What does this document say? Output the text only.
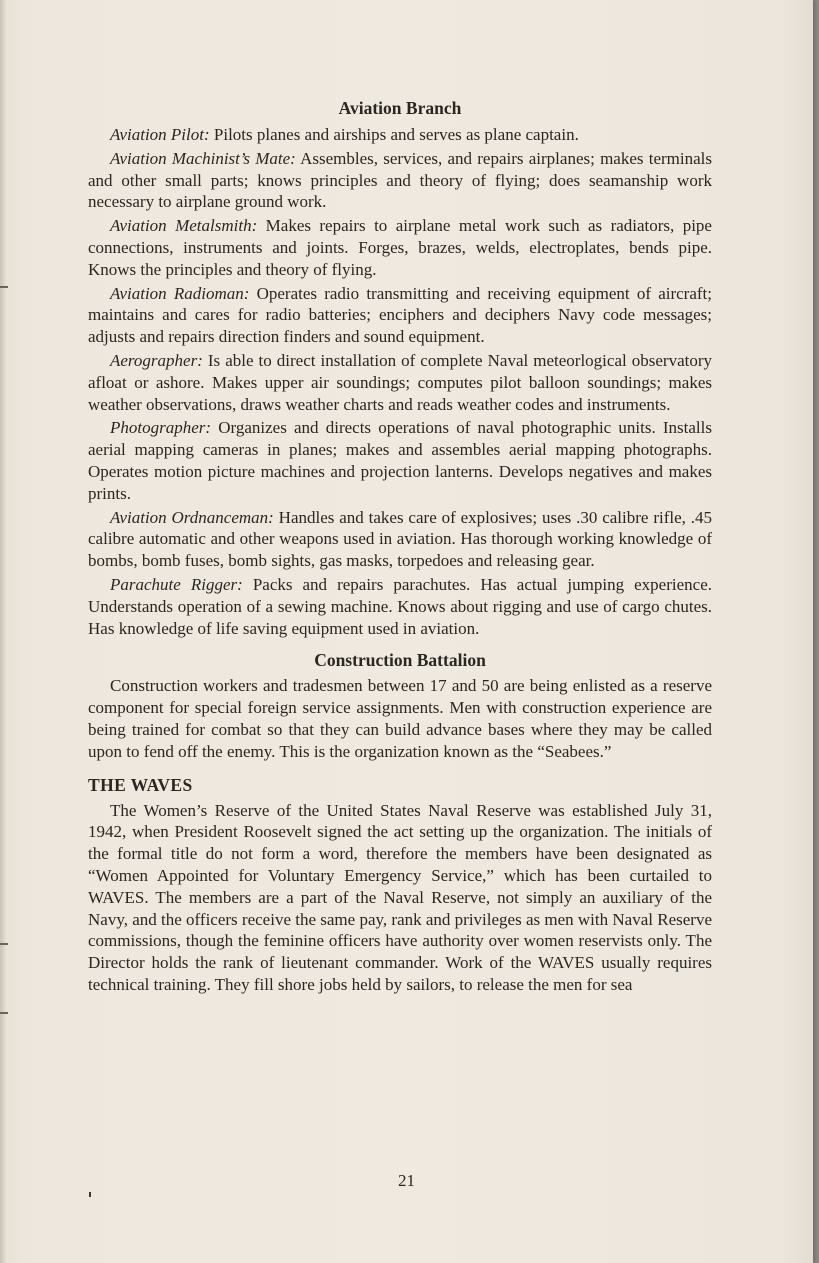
Aviation Branch

Aviation Pilot: Pilots planes and airships and serves as plane captain.

Aviation Machinist’s Mate: Assembles, services, and repairs airplanes; makes terminals and other small parts; knows principles and theory of flying; does seamanship work necessary to airplane ground work.

Aviation Metalsmith: Makes repairs to airplane metal work such as radiators, pipe connections, instruments and joints. Forges, brazes, welds, electroplates, bends pipe. Knows the principles and theory of flying.

Aviation Radioman: Operates radio transmitting and receiving equipment of aircraft; maintains and cares for radio batteries; enciphers and deciphers Navy code messages; adjusts and repairs direction finders and sound equipment.

Aerographer: Is able to direct installation of complete Naval meteorlogical observatory afloat or ashore. Makes upper air soundings; computes pilot balloon soundings; makes weather observations, draws weather charts and reads weather codes and instruments.

Photographer: Organizes and directs operations of naval photographic units. Installs aerial mapping cameras in planes; makes and assembles aerial mapping photographs. Operates motion picture machines and projection lanterns. Develops negatives and makes prints.

Aviation Ordnanceman: Handles and takes care of explosives; uses .30 calibre rifle, .45 calibre automatic and other weapons used in aviation. Has thorough working knowledge of bombs, bomb fuses, bomb sights, gas masks, torpedoes and releasing gear.

Parachute Rigger: Packs and repairs parachutes. Has actual jumping experience. Understands operation of a sewing machine. Knows about rigging and use of cargo chutes. Has knowledge of life saving equipment used in aviation.

Construction Battalion

Construction workers and tradesmen between 17 and 50 are being enlisted as a reserve component for special foreign service assignments. Men with construction experience are being trained for combat so that they can build advance bases where they may be called upon to fend off the enemy. This is the organization known as the “Seabees.”

THE WAVES

The Women’s Reserve of the United States Naval Reserve was established July 31, 1942, when President Roosevelt signed the act setting up the organization. The initials of the formal title do not form a word, therefore the members have been designated as “Women Appointed for Voluntary Emergency Service,” which has been curtailed to WAVES. The members are a part of the Naval Reserve, not simply an auxiliary of the Navy, and the officers receive the same pay, rank and privileges as men with Naval Reserve commissions, though the feminine officers have authority over women reservists only. The Director holds the rank of lieutenant commander. Work of the WAVES usually requires technical training. They fill shore jobs held by sailors, to release the men for sea

21
